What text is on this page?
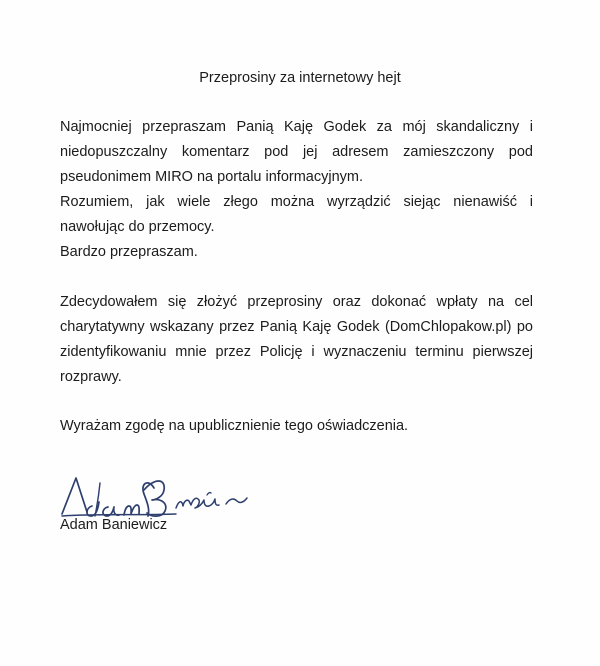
Przeprosiny za internetowy hejt
Najmocniej przepraszam Panią Kaję Godek za mój skandaliczny i
niedopuszczalny komentarz pod jej adresem zamieszczony pod
pseudonimem MIRO na portalu informacyjnym.
Rozumiem, jak wiele złego można wyrządzić siejąc nienawiść i
nawołując do przemocy.
Bardzo przepraszam.
Zdecydowałem się złożyć przeprosiny oraz dokonać wpłaty na cel
charytatywny wskazany przez Panią Kaję Godek (DomChlopakow.pl) po
zidentyfikowaniu mnie przez Policję i wyznaczeniu terminu pierwszej
rozprawy.
Wyrażam zgodę na upublicznienie tego oświadczenia.
Adam Baniewicz
